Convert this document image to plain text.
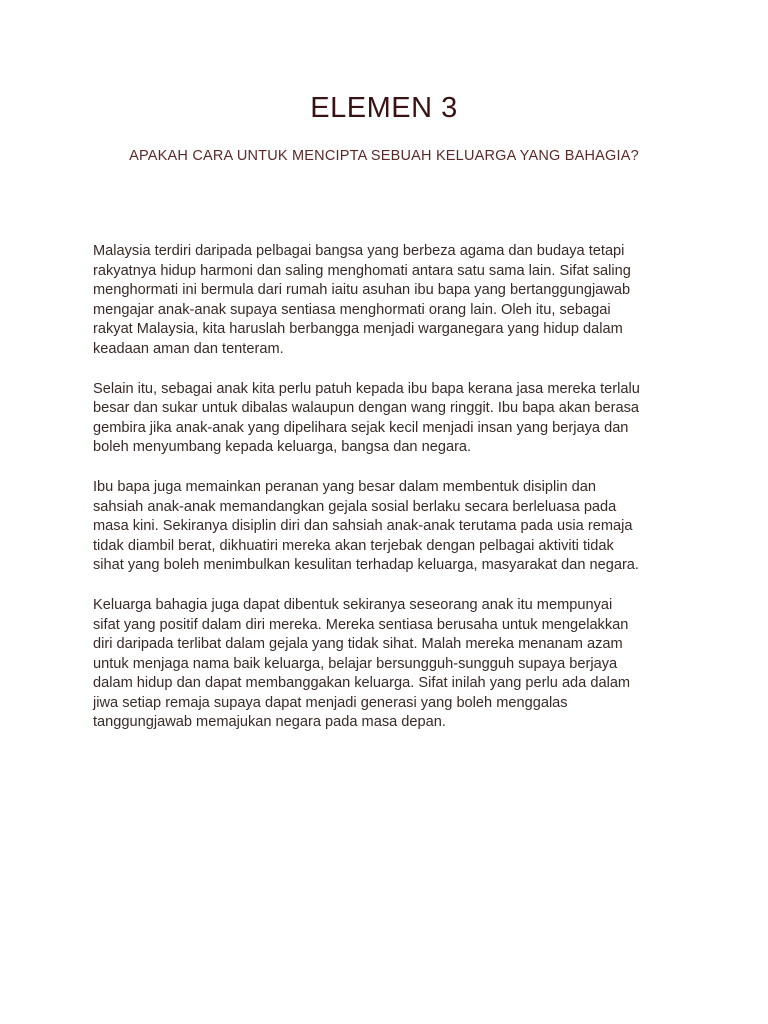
ELEMEN 3

APAKAH CARA UNTUK MENCIPTA SEBUAH KELUARGA YANG BAHAGIA?

Malaysia terdiri daripada pelbagai bangsa yang berbeza agama dan budaya tetapi
rakyatnya hidup harmoni dan saling menghomati antara satu sama lain. Sifat saling
menghormati ini bermula dari rumah iaitu asuhan ibu bapa yang bertanggungjawab
mengajar anak-anak supaya sentiasa menghormati orang lain. Oleh itu, sebagai
rakyat Malaysia, kita haruslah berbangga menjadi warganegara yang hidup dalam
keadaan aman dan tenteram.

Selain itu, sebagai anak kita perlu patuh kepada ibu bapa kerana jasa mereka terlalu
besar dan sukar untuk dibalas walaupun dengan wang ringgit. Ibu bapa akan berasa
gembira jika anak-anak yang dipelihara sejak kecil menjadi insan yang berjaya dan
boleh menyumbang kepada keluarga, bangsa dan negara.

Ibu bapa juga memainkan peranan yang besar dalam membentuk disiplin dan
sahsiah anak-anak memandangkan gejala sosial berlaku secara berleluasa pada
masa kini. Sekiranya disiplin diri dan sahsiah anak-anak terutama pada usia remaja
tidak diambil berat, dikhuatiri mereka akan terjebak dengan pelbagai aktiviti tidak
sihat yang boleh menimbulkan kesulitan terhadap keluarga, masyarakat dan negara.

Keluarga bahagia juga dapat dibentuk sekiranya seseorang anak itu mempunyai
sifat yang positif dalam diri mereka. Mereka sentiasa berusaha untuk mengelakkan
diri daripada terlibat dalam gejala yang tidak sihat. Malah mereka menanam azam
untuk menjaga nama baik keluarga, belajar bersungguh-sungguh supaya berjaya
dalam hidup dan dapat membanggakan keluarga. Sifat inilah yang perlu ada dalam
jiwa setiap remaja supaya dapat menjadi generasi yang boleh menggalas
tanggungjawab memajukan negara pada masa depan.
